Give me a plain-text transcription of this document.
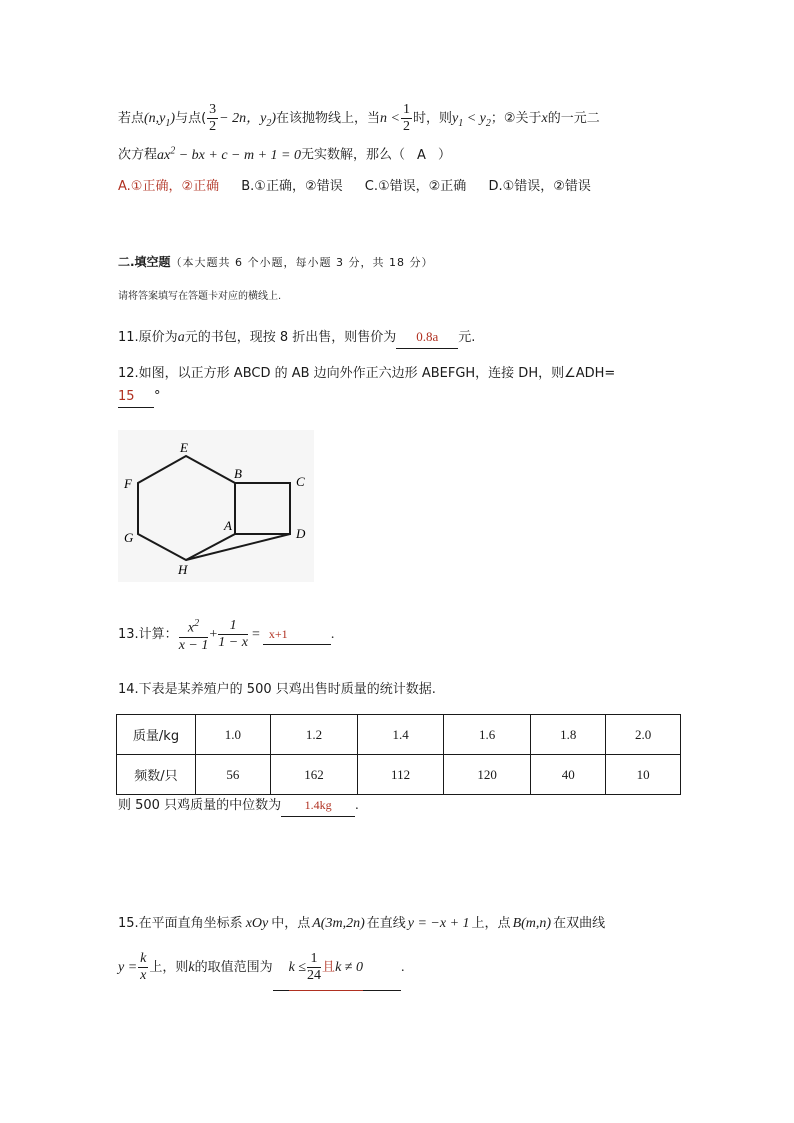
若点$(n,y_1)$与点( $\frac{3}{2} - 2n$，$y_2$)在该抛物线上，当$n < \frac{1}{2}$ 时，则$y_1 < y_2$；②关于x的一元二
次方程$ax^2$ − bx + c − m + 1 = 0无实数解，那么（ A ）
A.①正确，②正确 B.①正确，②错误 C.①错误，②正确 D.①错误，②错误
二.填空题（本大题共 6 个小题，每小题 3 分，共 18 分）
请将答案填写在答题卡对应的横线上.
11.原价为a元的书包，现按 8 折出售，则售价为 0.8a 元.
12.如图，以正方形 ABCD 的 AB 边向外作正六边形 ABEFGH，连接 DH，则∠ADH=
15 °
E
B
C
F
A
D
G
H
13.计算： $\frac{x^2}{x - 1} + \frac{1}{1 - x} = x+1$	.
14.下表是某养殖户的 500 只鸡出售时质量的统计数据.
质量/kg	1.0	1.2	1.4	1.6	1.8	2.0
频数/只	56	162	112	120	40	10
则 500 只鸡质量的中位数为 1.4kg .
15.在平面直角坐标系 xOy 中，点 A(3m,2n) 在直线 y = −x + 1 上，点 B(m,n) 在双曲线
$y = \frac{k}{x}$ 上，则k的取值范围为 $k \le \frac{1}{24}$ 且k ≠ 0	.
